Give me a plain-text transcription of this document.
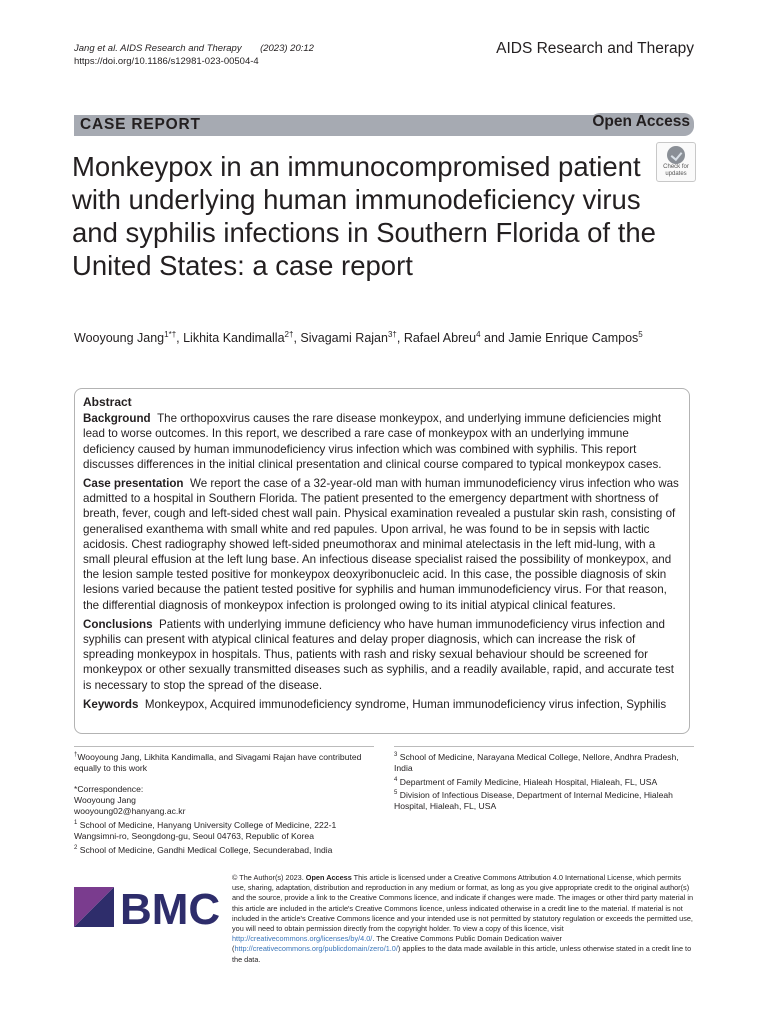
Jang et al. AIDS Research and Therapy (2023) 20:12
https://doi.org/10.1186/s12981-023-00504-4
AIDS Research and Therapy
CASE REPORT	Open Access
Check for
updates
Monkeypox in an immunocompromised patient with underlying human immunodeficiency virus and syphilis infections in Southern Florida of the United States: a case report
Wooyoung Jang$^{1*\dagger}$, Likhita Kandimalla$^{2\dagger}$, Sivagami Rajan$^{3\dagger}$, Rafael Abreu$^4$ and Jamie Enrique Campos$^5$
Abstract

Background The orthopoxvirus causes the rare disease monkeypox, and underlying immune deficiencies might lead to worse outcomes. In this report, we described a rare case of monkeypox with an underlying immune deficiency caused by human immunodeficiency virus infection which was combined with syphilis. This report discusses differences in the initial clinical presentation and clinical course compared to typical monkeypox cases.

Case presentation We report the case of a 32-year-old man with human immunodeficiency virus infection who was admitted to a hospital in Southern Florida. The patient presented to the emergency department with shortness of breath, fever, cough and left-sided chest wall pain. Physical examination revealed a pustular skin rash, consisting of generalised exanthema with small white and red papules. Upon arrival, he was found to be in sepsis with lactic acidosis. Chest radiography showed left-sided pneumothorax and minimal atelectasis in the left mid-lung, with a small pleural effusion at the left lung base. An infectious disease specialist raised the possibility of monkeypox, and the lesion sample tested positive for monkeypox deoxyribonucleic acid. In this case, the possible diagnosis of skin lesions varied because the patient tested positive for syphilis and human immunodeficiency virus. For that reason, the differential diagnosis of monkeypox infection is prolonged owing to its initial atypical clinical features.

Conclusions Patients with underlying immune deficiency who have human immunodeficiency virus infection and syphilis can present with atypical clinical features and delay proper diagnosis, which can increase the risk of spreading monkeypox in hospitals. Thus, patients with rash and risky sexual behaviour should be screened for monkeypox or other sexually transmitted diseases such as syphilis, and a readily available, rapid, and accurate test is necessary to stop the spread of the disease.

Keywords Monkeypox, Acquired immunodeficiency syndrome, Human immunodeficiency virus infection, Syphilis

†Wooyoung Jang, Likhita Kandimalla, and Sivagami Rajan have contributed equally to this work
*Correspondence:
Wooyoung Jang
wooyoung02@hanyang.ac.kr
$^1$ School of Medicine, Hanyang University College of Medicine, 222-1 Wangsimni-ro, Seongdong-gu, Seoul 04763, Republic of Korea
$^2$ School of Medicine, Gandhi Medical College, Secunderabad, India
$^3$ School of Medicine, Narayana Medical College, Nellore, Andhra Pradesh, India
$^4$ Department of Family Medicine, Hialeah Hospital, Hialeah, FL, USA
$^5$ Division of Infectious Disease, Department of Internal Medicine, Hialeah Hospital, Hialeah, FL, USA
BMC
© The Author(s) 2023. Open Access This article is licensed under a Creative Commons Attribution 4.0 International License, which permits use, sharing, adaptation, distribution and reproduction in any medium or format, as long as you give appropriate credit to the original author(s) and the source, provide a link to the Creative Commons licence, and indicate if changes were made. The images or other third party material in this article are included in the article's Creative Commons licence, unless indicated otherwise in a credit line to the material. If material is not included in the article's Creative Commons licence and your intended use is not permitted by statutory regulation or exceeds the permitted use, you will need to obtain permission directly from the copyright holder. To view a copy of this licence, visit http://creativecommons.org/licenses/by/4.0/. The Creative Commons Public Domain Dedication waiver (http://creativecommons.org/publicdomain/zero/1.0/) applies to the data made available in this article, unless otherwise stated in a credit line to the data.
